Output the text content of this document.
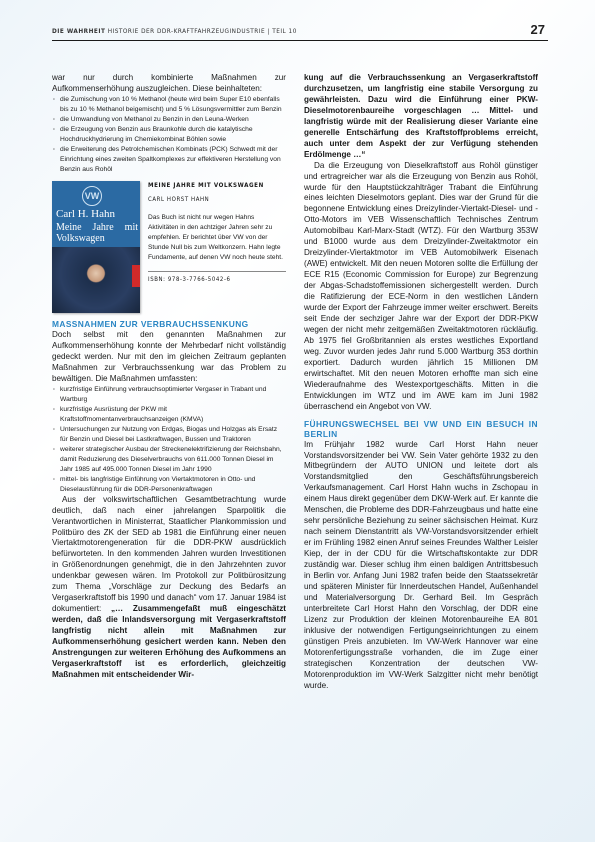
DIE WAHRHEIT HISTORIE DER DDR-KRAFTFAHRZEUGINDUSTRIE | TEIL 10	27

war nur durch kombinierte Maßnahmen zur Aufkommenserhöhung auszugleichen. Diese beinhalteten:

· die Zumischung von 10 % Methanol (heute wird beim Super E10 ebenfalls bis zu 10 % Methanol beigemischt) und 5 % Lösungsvermittler zum Benzin
· die Umwandlung von Methanol zu Benzin in den Leuna-Werken
· die Erzeugung von Benzin aus Braunkohle durch die katalytische Hochdruckhydrierung im Chemiekombinat Böhlen sowie
· die Erweiterung des Petrolchemischen Kombinats (PCK) Schwedt mit der Einrichtung eines zweiten Spaltkomplexes zur effektiveren Herstellung von Benzin aus Rohöl
VW
Carl H. Hahn
Meine Jahre mit Volkswagen
MEINE JAHRE MIT VOLKSWAGEN
CARL HORST HAHN
Das Buch ist nicht nur wegen Hahns Aktivitäten in den achtziger Jahren sehr zu empfehlen. Er berichtet über VW von der Stunde Null bis zum Weltkonzern. Hahn legte Fundamente, auf denen VW noch heute steht.
ISBN: 978-3-7766-5042-6
MASSNAHMEN ZUR VERBRAUCHSSENKUNG

Doch selbst mit den genannten Maßnahmen zur Aufkommenserhöhung konnte der Mehrbedarf nicht vollständig gedeckt werden. Nur mit den im gleichen Zeitraum geplanten Maßnahmen zur Verbrauchssenkung war das Problem zu bewältigen. Die Maßnahmen umfassten:

· kurzfristige Einführung verbrauchsoptimierter Vergaser in Trabant und Wartburg
· kurzfristige Ausrüstung der PKW mit Kraftstoffmomentanverbrauchsanzeigen (KMVA)
· Untersuchungen zur Nutzung von Erdgas, Biogas und Holzgas als Ersatz für Benzin und Diesel bei Lastkraftwagen, Bussen und Traktoren
· weiterer strategischer Ausbau der Streckenelektrifizierung der Reichsbahn, damit Reduzierung des Dieselverbrauchs von 611.000 Tonnen Diesel im Jahr 1985 auf 495.000 Tonnen Diesel im Jahr 1990
· mittel- bis langfristige Einführung von Viertaktmotoren in Otto- und Dieselausführung für die DDR-Personenkraftwagen

Aus der volkswirtschaftlichen Gesamtbetrachtung wurde deutlich, daß nach einer jahrelangen Sparpolitik die Verantwortlichen in Ministerrat, Staatlicher Plankommission und Politbüro des ZK der SED ab 1981 die Einführung einer neuen Viertaktmotorengeneration für die DDR-PKW ausdrücklich befürworteten. In den kommenden Jahren wurden Investitionen in Größenordnungen genehmigt, die in den Jahrzehnten zuvor undenkbar gewesen wären. Im Protokoll zur Politbürositzung zum Thema „Vorschläge zur Deckung des Bedarfs an Vergaserkraftstoff bis 1990 und danach“ vom 17. Januar 1984 ist dokumentiert: „… Zusammengefaßt muß eingeschätzt werden, daß die Inlandsversorgung mit Vergaserkraftstoff langfristig nicht allein mit Maßnahmen zur Aufkommenserhöhung gesichert werden kann. Neben den Anstrengungen zur weiteren Erhöhung des Aufkommens an Vergaserkraftstoff ist es erforderlich, gleichzeitig Maßnahmen mit entscheidender Wir-

kung auf die Verbrauchssenkung an Vergaserkraftstoff durchzusetzen, um langfristig eine stabile Versorgung zu gewährleisten. Dazu wird die Einführung einer PKW-Dieselmotorenbaureihe vorgeschlagen … Mittel- und langfristig würde mit der Realisierung dieser Variante eine generelle Entschärfung des Kraftstoffproblems erreicht, auch unter dem Aspekt der zur Verfügung stehenden Erdölmenge …“

Da die Erzeugung von Dieselkraftstoff aus Rohöl günstiger und ertragreicher war als die Erzeugung von Benzin aus Rohöl, wurde für den Hauptstückzahlträger Trabant die Einführung eines leichten Dieselmotors geplant. Dies war der Grund für die begonnene Entwicklung eines Dreizylinder-Viertakt-Diesel- und -Otto-Motors im VEB Wissenschaftlich Technisches Zentrum Automobilbau Karl-Marx-Stadt (WTZ). Für den Wartburg 353W und B1000 wurde aus dem Dreizylinder-Zweitaktmotor ein Dreizylinder-Viertaktmotor im VEB Automobilwerk Eisenach (AWE) entwickelt. Mit den neuen Motoren sollte die Erfüllung der ECE R15 (Economic Commission for Europe) zur Begrenzung der Abgas-Schadstoffemissionen sichergestellt werden. Durch die Ratifizierung der ECE-Norm in den westlichen Ländern wurde der Export der Fahrzeuge immer weiter erschwert. Bereits seit Ende der sechziger Jahre war der Export der DDR-PKW wegen der nicht mehr zeitgemäßen Zweitaktmotoren rückläufig. Ab 1975 fiel Großbritannien als erstes westliches Exportland weg. Zuvor wurden jedes Jahr rund 5.000 Wartburg 353 dorthin exportiert. Dadurch wurden jährlich 15 Millionen DM erwirtschaftet. Mit den neuen Motoren erhoffte man sich eine Wiederaufnahme des Westexportgeschäfts. Mitten in die Entwicklungen im WTZ und im AWE kam im Juni 1982 überraschend ein Angebot von VW.

FÜHRUNGSWECHSEL BEI VW UND EIN BESUCH IN BERLIN

Im Frühjahr 1982 wurde Carl Horst Hahn neuer Vorstandsvorsitzender bei VW. Sein Vater gehörte 1932 zu den Mitbegründern der AUTO UNION und leitete dort als Vorstandsmitglied den Geschäftsführungsbereich Verkaufsmanagement. Carl Horst Hahn wuchs in Zschopau in einem Haus direkt gegenüber dem DKW-Werk auf. Er kannte die Menschen, die Probleme des DDR-Fahrzeugbaus und hatte eine sehr persönliche Beziehung zu seiner sächsischen Heimat. Kurz nach seinem Dienstantritt als VW-Vorstandsvorsitzender erhielt er im Frühling 1982 einen Anruf seines Freundes Walther Leisler Kiep, der in der CDU für die Wirtschaftskontakte zur DDR zuständig war. Dieser schlug ihm einen baldigen Antrittsbesuch in Berlin vor. Anfang Juni 1982 trafen beide den Staatssekretär und späteren Minister für Innerdeutschen Handel, Außenhandel und Materialversorgung Dr. Gerhard Beil. Im Gespräch unterbreitete Carl Horst Hahn den Vorschlag, der DDR eine Lizenz zur Produktion der kleinen Motorenbaureihe EA 801 inklusive der notwendigen Fertigungseinrichtungen zu einem günstigen Preis anzubieten. Im VW-Werk Hannover war eine Motorenfertigungsstraße vorhanden, die im Zuge einer strategischen Konzentration der deutschen VW-Motorenproduktion im VW-Werk Salzgitter nicht mehr benötigt wurde.
